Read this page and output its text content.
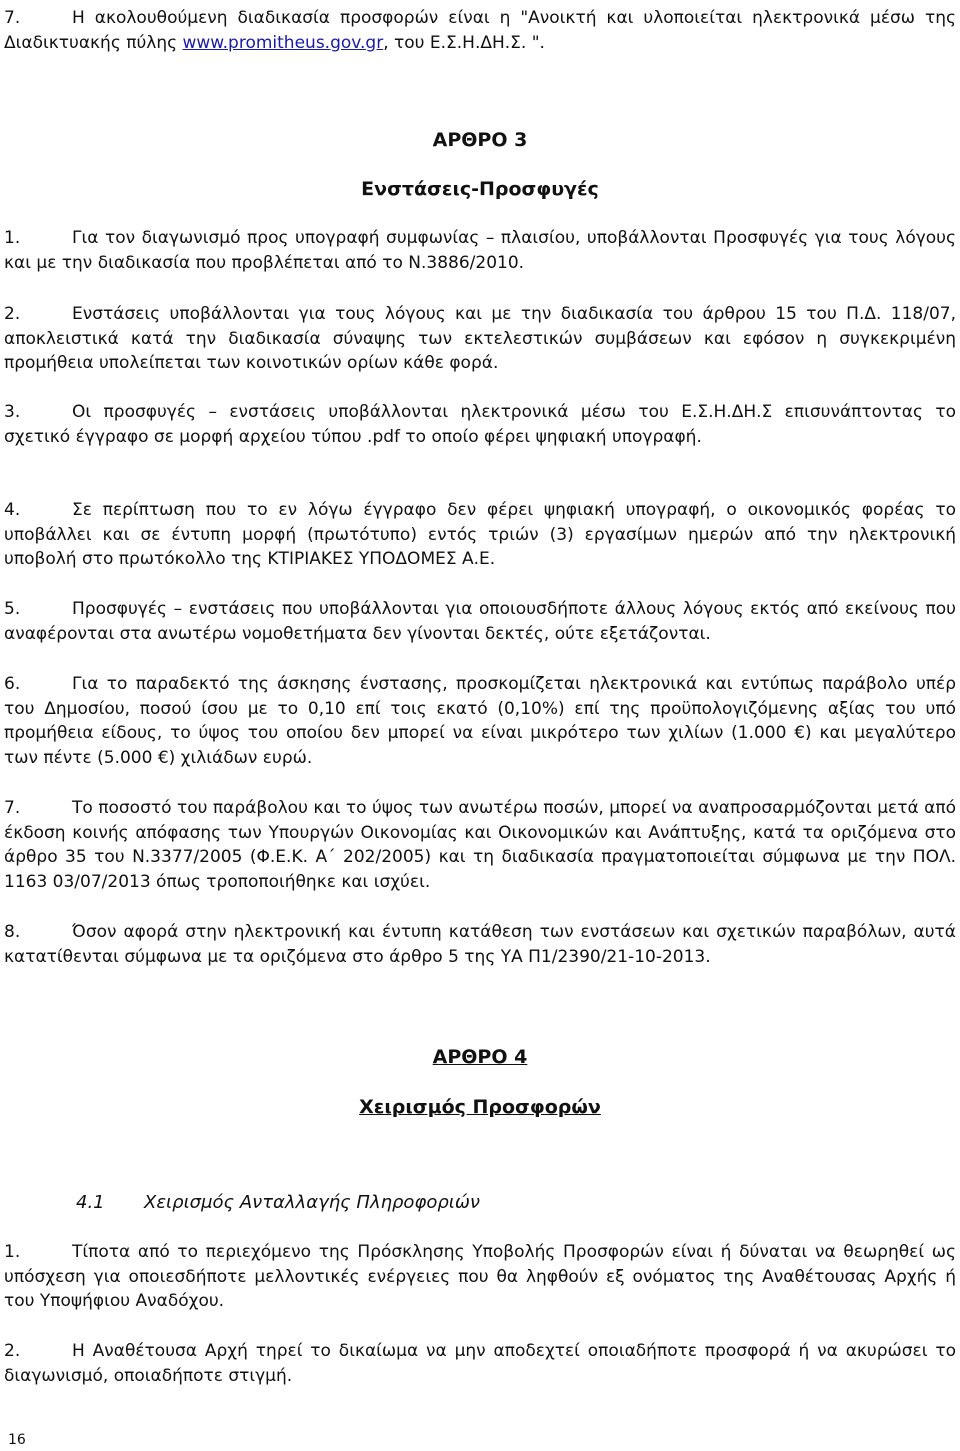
7.	Η ακολουθούμενη διαδικασία προσφορών είναι η "Ανοικτή και υλοποιείται ηλεκτρονικά μέσω της Διαδικτυακής πύλης www.promitheus.gov.gr, του Ε.Σ.Η.ΔΗ.Σ. ".

ΑΡΘΡΟ 3

Ενστάσεις-Προσφυγές

1.	Για τον διαγωνισμό προς υπογραφή συμφωνίας – πλαισίου, υποβάλλονται Προσφυγές για τους λόγους και με την διαδικασία που προβλέπεται από το Ν.3886/2010.

2.	Ενστάσεις υποβάλλονται για τους λόγους και με την διαδικασία του άρθρου 15 του Π.Δ. 118/07, αποκλειστικά κατά την διαδικασία σύναψης των εκτελεστικών συμβάσεων και εφόσον η συγκεκριμένη προμήθεια υπολείπεται των κοινοτικών ορίων κάθε φορά.

3.	Οι προσφυγές – ενστάσεις υποβάλλονται ηλεκτρονικά μέσω του Ε.Σ.Η.ΔΗ.Σ επισυνάπτοντας το σχετικό έγγραφο σε μορφή αρχείου τύπου .pdf το οποίο φέρει ψηφιακή υπογραφή.

4.	Σε περίπτωση που το εν λόγω έγγραφο δεν φέρει ψηφιακή υπογραφή, ο οικονομικός φορέας το υποβάλλει και σε έντυπη μορφή (πρωτότυπο) εντός τριών (3) εργασίμων ημερών από την ηλεκτρονική υποβολή στο πρωτόκολλο της ΚΤΙΡΙΑΚΕΣ ΥΠΟΔΟΜΕΣ Α.Ε.

5.	Προσφυγές – ενστάσεις που υποβάλλονται για οποιουσδήποτε άλλους λόγους εκτός από εκείνους που αναφέρονται στα ανωτέρω νομοθετήματα δεν γίνονται δεκτές, ούτε εξετάζονται.

6.	Για το παραδεκτό της άσκησης ένστασης, προσκομίζεται ηλεκτρονικά και εντύπως παράβολο υπέρ του Δημοσίου, ποσού ίσου με το 0,10 επί τοις εκατό (0,10%) επί της προϋπολογιζόμενης αξίας του υπό προμήθεια είδους, το ύψος του οποίου δεν μπορεί να είναι μικρότερο των χιλίων (1.000 €) και μεγαλύτερο των πέντε (5.000 €) χιλιάδων ευρώ.

7.	Το ποσοστό του παράβολου και το ύψος των ανωτέρω ποσών, μπορεί να αναπροσαρμόζονται μετά από έκδοση κοινής απόφασης των Υπουργών Οικονομίας και Οικονομικών και Ανάπτυξης, κατά τα οριζόμενα στο άρθρο 35 του Ν.3377/2005 (Φ.Ε.Κ. Α΄ 202/2005) και τη διαδικασία πραγματοποιείται σύμφωνα με την ΠΟΛ. 1163 03/07/2013 όπως τροποποιήθηκε και ισχύει.

8.	Όσον αφορά στην ηλεκτρονική και έντυπη κατάθεση των ενστάσεων και σχετικών παραβόλων, αυτά κατατίθενται σύμφωνα με τα οριζόμενα στο άρθρο 5 της ΥΑ Π1/2390/21-10-2013.

ΑΡΘΡΟ 4

Χειρισμός Προσφορών

4.1 Χειρισμός Ανταλλαγής Πληροφοριών

1.	Τίποτα από το περιεχόμενο της Πρόσκλησης Υποβολής Προσφορών είναι ή δύναται να θεωρηθεί ως υπόσχεση για οποιεσδήποτε μελλοντικές ενέργειες που θα ληφθούν εξ ονόματος της Αναθέτουσας Αρχής ή του Υποψήφιου Αναδόχου.

2.	Η Αναθέτουσα Αρχή τηρεί το δικαίωμα να μην αποδεχτεί οποιαδήποτε προσφορά ή να ακυρώσει το διαγωνισμό, οποιαδήποτε στιγμή.

16
